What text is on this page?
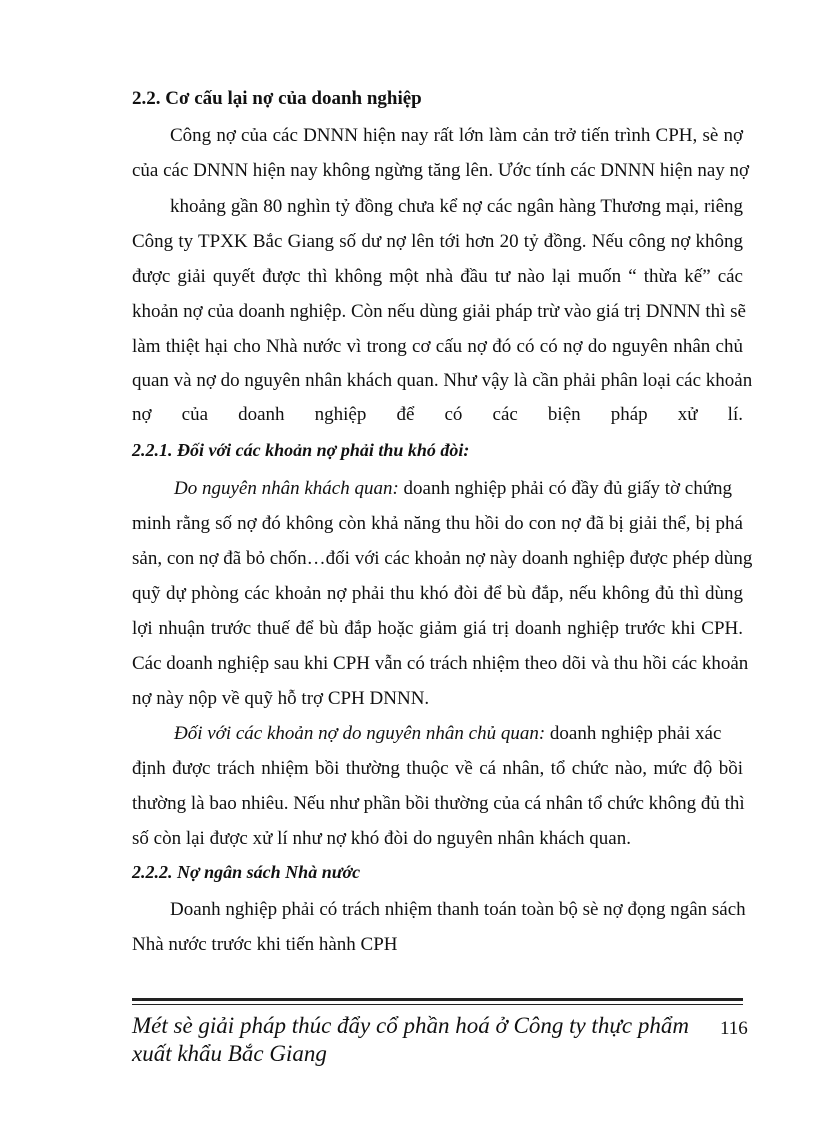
2.2. Cơ cấu lại nợ của doanh nghiệp
Công nợ của các DNNN hiện nay rất lớn làm cản trở tiến trình CPH, sè nợ
của các DNNN hiện nay không ngừng tăng lên. Ước tính các DNNN hiện nay nợ
khoảng gần 80 nghìn tỷ đồng chưa kể nợ các ngân hàng Thương mại, riêng
Công ty TPXK Bắc Giang số dư nợ lên tới hơn 20 tỷ đồng. Nếu công nợ không
được giải quyết được thì không một nhà đầu tư nào lại muốn “ thừa kế” các
khoản nợ của doanh nghiệp. Còn nếu dùng giải pháp trừ vào giá trị DNNN thì sẽ
làm thiệt hại cho Nhà nước vì trong cơ cấu nợ đó có có nợ do nguyên nhân chủ
quan và nợ do nguyên nhân khách quan. Như vậy là cần phải phân loại các khoản
nợ của doanh nghiệp để có các biện pháp xử lí.
2.2.1. Đối với các khoản nợ phải thu khó đòi:
Do nguyên nhân khách quan: doanh nghiệp phải có đầy đủ giấy tờ chứng
minh rằng số nợ đó không còn khả năng thu hồi do con nợ đã bị giải thể, bị phá
sản, con nợ đã bỏ chốn…đối với các khoản nợ này doanh nghiệp được phép dùng
quỹ dự phòng các khoản nợ phải thu khó đòi để bù đắp, nếu không đủ thì dùng
lợi nhuận trước thuế để bù đắp hoặc giảm giá trị doanh nghiệp trước khi CPH.
Các doanh nghiệp sau khi CPH vẫn có trách nhiệm theo dõi và thu hồi các khoản
nợ này nộp về quỹ hỗ trợ CPH DNNN.
Đối với các khoản nợ do nguyên nhân chủ quan: doanh nghiệp phải xác
định được trách nhiệm bồi thường thuộc về cá nhân, tổ chức nào, mức độ bồi
thường là bao nhiêu. Nếu như phần bồi thường của cá nhân tổ chức không đủ thì
số còn lại được xử lí như nợ khó đòi do nguyên nhân khách quan.
2.2.2. Nợ ngân sách Nhà nước
Doanh nghiệp phải có trách nhiệm thanh toán toàn bộ sè nợ đọng ngân sách
Nhà nước trước khi tiến hành CPH
Mét sè giải pháp thúc đẩy cổ phần hoá ở Công ty thực phẩm xuất khẩu Bắc Giang
116
